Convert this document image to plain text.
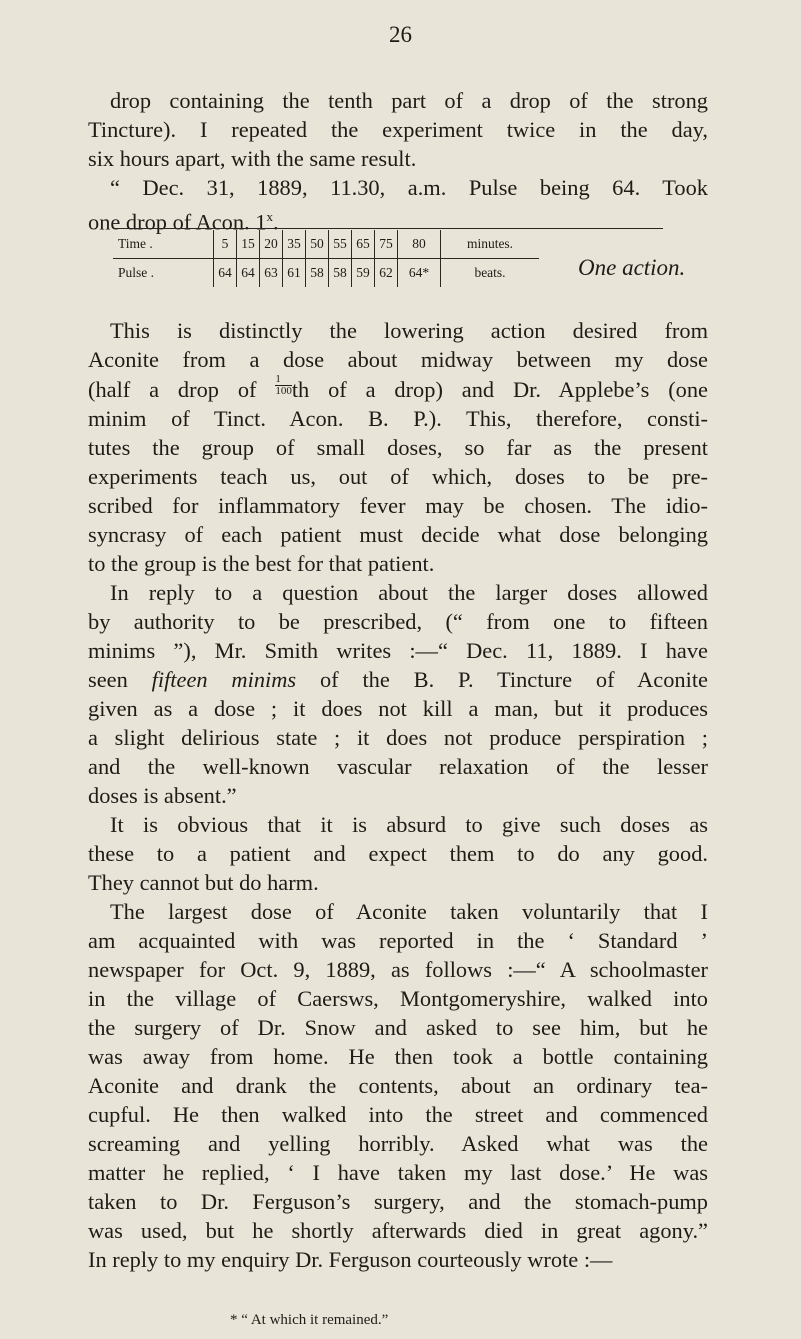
26
drop containing the tenth part of a drop of the strong
Tincture). I repeated the experiment twice in the day,
six hours apart, with the same result.
“ Dec. 31, 1889, 11.30, a.m. Pulse being 64. Took
one drop of Acon. 1$^x$.
Time .	5	15	20	35	50	55	65	75	80	minutes.
Pulse .	64	64	63	61	58	58	59	62	64*	beats.	One action.
This is distinctly the lowering action desired from
Aconite from a dose about midway between my dose
(half a drop of $\frac{1}{100}$ th of a drop) and Dr. Applebe’s (one
minim of Tinct. Acon. B. P.). This, therefore, consti-
tutes the group of small doses, so far as the present
experiments teach us, out of which, doses to be pre-
scribed for inflammatory fever may be chosen. The idio-
syncrasy of each patient must decide what dose belonging
to the group is the best for that patient.
In reply to a question about the larger doses allowed
by authority to be prescribed, (“ from one to fifteen
minims ”), Mr. Smith writes :—“ Dec. 11, 1889. I have
seen fifteen minims of the B. P. Tincture of Aconite
given as a dose ; it does not kill a man, but it produces
a slight delirious state ; it does not produce perspiration ;
and the well-known vascular relaxation of the lesser
doses is absent.”
It is obvious that it is absurd to give such doses as
these to a patient and expect them to do any good.
They cannot but do harm.
The largest dose of Aconite taken voluntarily that I
am acquainted with was reported in the ‘ Standard ’
newspaper for Oct. 9, 1889, as follows :—“ A schoolmaster
in the village of Caersws, Montgomeryshire, walked into
the surgery of Dr. Snow and asked to see him, but he
was away from home. He then took a bottle containing
Aconite and drank the contents, about an ordinary tea-
cupful. He then walked into the street and commenced
screaming and yelling horribly. Asked what was the
matter he replied, ‘ I have taken my last dose.’ He was
taken to Dr. Ferguson’s surgery, and the stomach-pump
was used, but he shortly afterwards died in great agony.”
In reply to my enquiry Dr. Ferguson courteously wrote :—
* “ At which it remained.”
